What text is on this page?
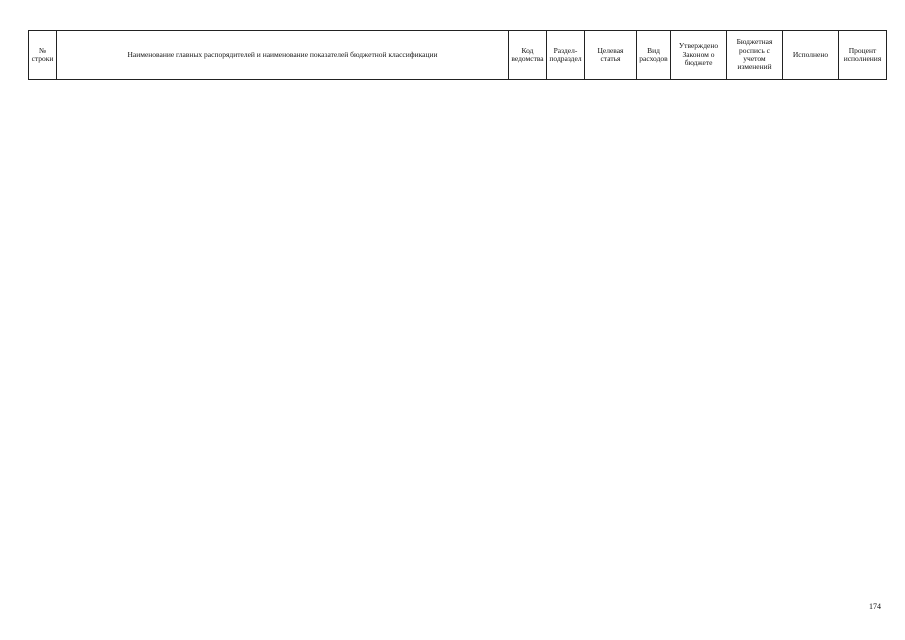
№ строки	Наименование главных распорядителей и наименование показателей бюджетной классификации	Код ведомства	Раздел-подраздел	Целевая статья	Вид расходов	Утверждено Законом о бюджете	Бюджетная роспись с учетом изменений	Исполнено	Процент исполнения
174
